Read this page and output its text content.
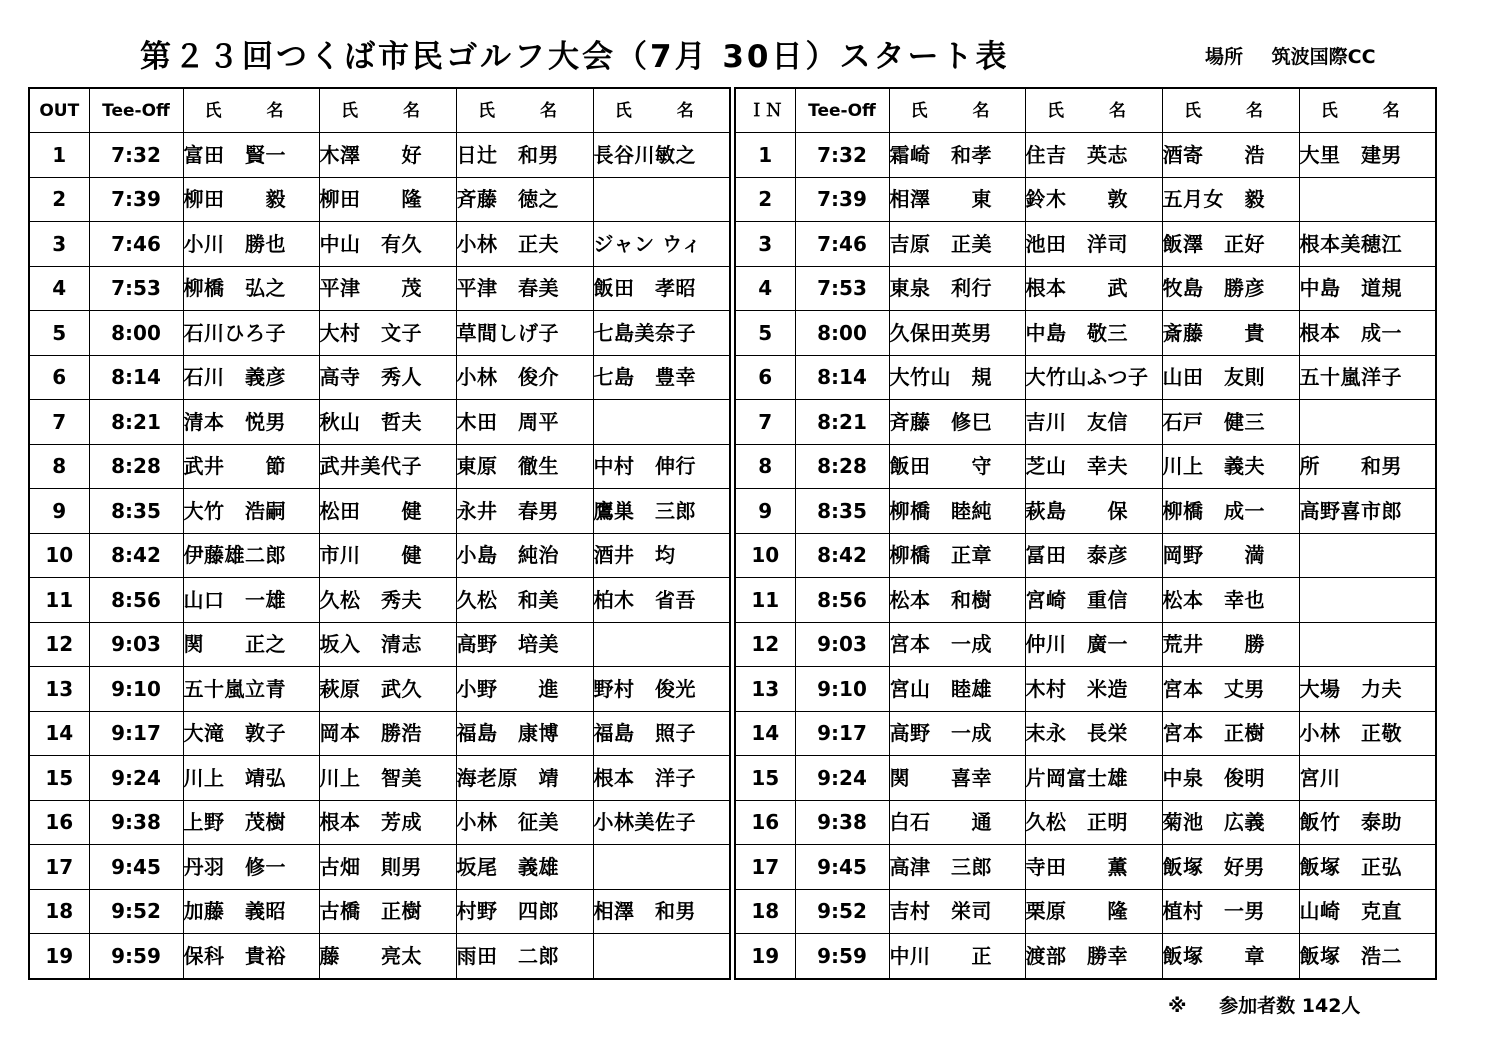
第２３回つくば市民ゴルフ大会（7月 30日）スタート表	場所 筑波国際CC
OUT	Tee-Off	氏　名	氏　名	氏　名	氏　名
1	7:32	富田　賢一	木澤　　好	日辻　和男	長谷川敏之
2	7:39	柳田　　毅	柳田　　隆	斉藤　徳之	
3	7:46	小川　勝也	中山　有久	小林　正夫	ジャン ウィ
4	7:53	柳橋　弘之	平津　　茂	平津　春美	飯田　孝昭
5	8:00	石川ひろ子	大村　文子	草間しげ子	七島美奈子
6	8:14	石川　義彦	高寺　秀人	小林　俊介	七島　豊幸
7	8:21	清本　悦男	秋山　哲夫	木田　周平	
8	8:28	武井　　節	武井美代子	東原　徹生	中村　伸行
9	8:35	大竹　浩嗣	松田　　健	永井　春男	鷹巣　三郎
10	8:42	伊藤雄二郎	市川　　健	小島　純治	酒井　均
11	8:56	山口　一雄	久松　秀夫	久松　和美	柏木　省吾
12	9:03	関　　正之	坂入　清志	高野　培美	
13	9:10	五十嵐立青	萩原　武久	小野　　進	野村　俊光
14	9:17	大滝　敦子	岡本　勝浩	福島　康博	福島　照子
15	9:24	川上　靖弘	川上　智美	海老原　靖	根本　洋子
16	9:38	上野　茂樹	根本　芳成	小林　征美	小林美佐子
17	9:45	丹羽　修一	古畑　則男	坂尾　義雄	
18	9:52	加藤　義昭	古橋　正樹	村野　四郎	相澤　和男
19	9:59	保科　貴裕	藤　　亮太	雨田　二郎	
ＩＮ	Tee-Off	氏　名	氏　名	氏　名	氏　名
1	7:32	霜崎　和孝	住吉　英志	酒寄　　浩	大里　建男
2	7:39	相澤　　東	鈴木　　敦	五月女　毅	
3	7:46	吉原　正美	池田　洋司	飯澤　正好	根本美穂江
4	7:53	東泉　利行	根本　　武	牧島　勝彦	中島　道規
5	8:00	久保田英男	中島　敬三	斎藤　　貴	根本　成一
6	8:14	大竹山　規	大竹山ふつ子	山田　友則	五十嵐洋子
7	8:21	斉藤　修巳	吉川　友信	石戸　健三	
8	8:28	飯田　　守	芝山　幸夫	川上　義夫	所　　和男
9	8:35	柳橋　睦純	萩島　　保	柳橋　成一	高野喜市郎
10	8:42	柳橋　正章	冨田　泰彦	岡野　　満	
11	8:56	松本　和樹	宮崎　重信	松本　幸也	
12	9:03	宮本　一成	仲川　廣一	荒井　　勝	
13	9:10	宮山　睦雄	木村　米造	宮本　丈男	大場　力夫
14	9:17	高野　一成	末永　長栄	宮本　正樹	小林　正敬
15	9:24	関　　喜幸	片岡富士雄	中泉　俊明	宮川
16	9:38	白石　　通	久松　正明	菊池　広義	飯竹　泰助
17	9:45	高津　三郎	寺田　　薫	飯塚　好男	飯塚　正弘
18	9:52	吉村　栄司	栗原　　隆	植村　一男	山崎　克直
19	9:59	中川　　正	渡部　勝幸	飯塚　　章	飯塚　浩二
※ 参加者数 142人
